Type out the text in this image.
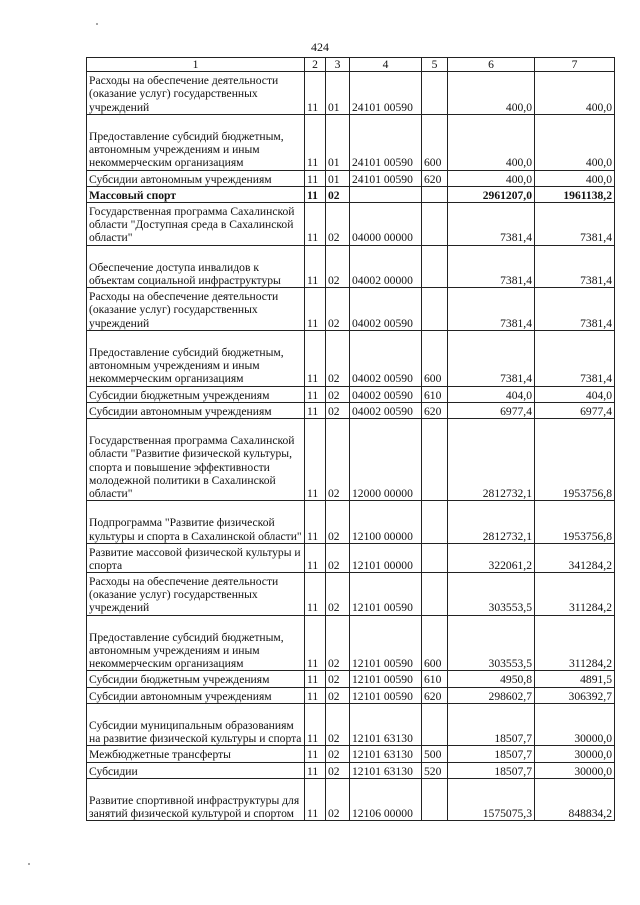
424
1	2	3	4	5	6	7
Расходы на обеспечение деятельности (оказание услуг) государственных учреждений	11	01	24101 00590		400,0	400,0
Предоставление субсидий бюджетным, автономным учреждениям и иным некоммерческим организациям	11	01	24101 00590	600	400,0	400,0
Субсидии автономным учреждениям	11	01	24101 00590	620	400,0	400,0
Массовый спорт	11	02			2961207,0	1961138,2
Государственная программа Сахалинской области "Доступная среда в Сахалинской области"	11	02	04000 00000		7381,4	7381,4
Обеспечение доступа инвалидов к объектам социальной инфраструктуры	11	02	04002 00000		7381,4	7381,4
Расходы на обеспечение деятельности (оказание услуг) государственных учреждений	11	02	04002 00590		7381,4	7381,4
Предоставление субсидий бюджетным, автономным учреждениям и иным некоммерческим организациям	11	02	04002 00590	600	7381,4	7381,4
Субсидии бюджетным учреждениям	11	02	04002 00590	610	404,0	404,0
Субсидии автономным учреждениям	11	02	04002 00590	620	6977,4	6977,4
Государственная программа Сахалинской области "Развитие физической культуры, спорта и повышение эффективности молодежной политики в Сахалинской области"	11	02	12000 00000		2812732,1	1953756,8
Подпрограмма "Развитие физической культуры и спорта в Сахалинской области"	11	02	12100 00000		2812732,1	1953756,8
Развитие массовой физической культуры и спорта	11	02	12101 00000		322061,2	341284,2
Расходы на обеспечение деятельности (оказание услуг) государственных учреждений	11	02	12101 00590		303553,5	311284,2
Предоставление субсидий бюджетным, автономным учреждениям и иным некоммерческим организациям	11	02	12101 00590	600	303553,5	311284,2
Субсидии бюджетным учреждениям	11	02	12101 00590	610	4950,8	4891,5
Субсидии автономным учреждениям	11	02	12101 00590	620	298602,7	306392,7
Субсидии муниципальным образованиям на развитие физической культуры и спорта	11	02	12101 63130		18507,7	30000,0
Межбюджетные трансферты	11	02	12101 63130	500	18507,7	30000,0
Субсидии	11	02	12101 63130	520	18507,7	30000,0
Развитие спортивной инфраструктуры для занятий физической культурой и спортом	11	02	12106 00000		1575075,3	848834,2
